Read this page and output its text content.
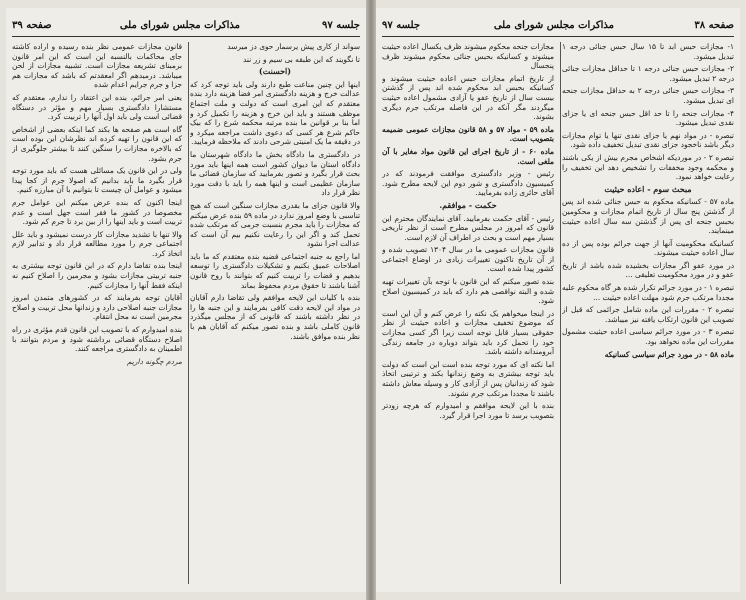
جلسه ۹۷
مذاکرات مجلس شورای ملی
صفحه ۳۹

سواند از کاری پیش یرسمار حوی دز میرسد

تا نگویند که این طبقه بی سیم و زر نند

(احسنت)

اینها این چنین مناعت طبع دارند ولی باید توجه کرد که عدالت خرج و هزینه دادگستری امر فضا هزینه دارد بنده معتقدم که این امری است که دولت و ملت اجتماع موظف هستند و باید این خرج و هزینه را تکمیل کرد و اما بنا بر قوانین ما بنده مرتبه محکمه شرع را که بیک حاکم شرع هر کسی که دعوی داشت مراجعه میکرد و در دقیقه ما یک امنیتی شرحی دادند که ملاحظه فرمایید.

در دادگستری ما دادگاه بخش ما دادگاه شهرستان ما دادگاه استان ما دیوان کشور است همه اینها باید مورد بحث قرار بگیرد و تصور بفرمایید که سازمان قضائی ما سازمان عظیمی است و اینها همه را باید با دقت مورد نظر قرار داد

والا قانون جزای ما بقدری مجازات سنگین است که هیچ تناسبی با وضع امروز ندارد در ماده ۵۹ بنده عرض میکنم که مجازات را باید مجرم بنسبت جرمی که مرتکب شده تحمل کند و اگر این را رعایت نکنیم بیم آن است که عدالت اجرا نشود

اما راجع به جنبه اجتماعی قضیه بنده معتقدم که ما باید اصلاحات عمیق بکنیم و تشکیلات دادگستری را توسعه بدهیم و قضات را تربیت کنیم که بتوانند با روح قانون آشنا باشند تا حقوق مردم محفوظ بماند

بنده با کلیات این لایحه موافقم ولی تقاضا دارم آقایان در مواد این لایحه دقت کافی بفرمایند و این جنبه ها را در نظر داشته باشند که قانونی که از مجلس میگذرد قانون کاملی باشد و بنده تصور میکنم که آقایان هم با نظر بنده موافق باشند.

قانون مجازات عمومی نظر بنده رسیده و اراده کاشته جای محاکمات بالنسبه این است که این امر قانون برمبنای تشریعه مجازات است. تشبیه مجازات از لحن میباشد. درمیدهم اگر امعقدتم که باشد که مجازات هم جزا و جرم جرایم اعدام شده

یعنی امر جرائم، بنده این اعتقاد را ندارم، معتقدم که مستشارا دادگستری بسیار مهم و مؤثر در دستگاه قضائی است ولی باید اول آنها را تربیت کرد.

گاه است هم صفحه ها بکند کما اینکه بعضی از اشخاص که این قانون را تهیه کرده اند نظرشان این بوده است که بالاخره مجازات را سنگین کنند تا بیشتر جلوگیری از جرم بشود.

ولی در این قانون یک مسائلی هست که باید مورد توجه قرار بگیرد ما باید بدانیم که اصولا جرم از کجا پیدا میشود و عوامل آن چیست تا بتوانیم با آن مبارزه کنیم.

اینجا اکنون که بنده عرض میکنم این عوامل جرم مخصوصا در کشور ما فقر است جهل است و عدم تربیت است و باید اینها را از بین برد تا جرم کم شود.

والا تنها با تشدید مجازات کار درست نمیشود و باید علل اجتماعی جرم را مورد مطالعه قرار داد و تدابیر لازم اتخاذ کرد.

اینجا بنده تقاضا دارم که در این قانون توجه بیشتری به جنبه تربیتی مجازات بشود و مجرمین را اصلاح کنیم نه اینکه فقط آنها را مجازات کنیم.

آقایان توجه بفرمایند که در کشورهای متمدن امروز مجازات جنبه اصلاحی دارد و زندانها محل تربیت و اصلاح مجرمین است نه محل انتقام.

بنده امیدوارم که با تصویب این قانون قدم مؤثری در راه اصلاح دستگاه قضائی برداشته شود و مردم بتوانند با اطمینان به دادگستری مراجعه کنند.

مردم چگونه داریم

صفحه ۳۸
مذاکرات مجلس شورای ملی
جلسه ۹۷

۱- مجازات حبس ابد تا ۱۵ سال حبس جنائی درجه ۱ تبدیل میشود.

۲- مجازات حبس جنائی درجه ۱ تا حداقل مجازات جنائی درجه ۲ تبدیل میشود.

۳- مجازات حبس جنائی درجه ۲ به حداقل مجازات جنحه ای تبدیل میشود.

۴- مجازات جنحه را تا حد اقل حبس جنحه ای یا جزای نقدی تبدیل میشود.

تبصره - در مواد نهم یا جزای نقدی تنها یا توام مجازات دیگر باشد ناخجود جزای نقدی تبدیل تخفیف داده شود.

تبصره ۲ - در موردیکه اشخاص مجرم بیش از یکی باشند و محکمه وجود مخففات را تشخیص دهد این تخفیف را رعایت خواهد نمود.

مبحث سوم - اعاده حیثیت

ماده ۵۷ - کسانیکه محکوم به حبس جنائی شده اند پس از گذشتن پنج سال از تاریخ اتمام مجازات و محکومین بحبس جنحه ای پس از گذشتن سه سال اعاده حیثیت مینمایند.

کسانیکه محکومیت آنها از جهت جرائم بوده پس از ده سال اعاده حیثیت میشوند.

در مورد عفو اگر مجازات بخشیده شده باشد از تاریخ عفو و در مورد محکومیت تعلیقی ...

تبصره ۱ - در مورد جرائم تکرار شده هر گاه محکوم علیه مجددا مرتکب جرم شود مهلت اعاده حیثیت ...

تبصره ۲ - مقررات این ماده شامل جرائمی که قبل از تصویب این قانون ارتکاب یافته نیز میباشد.

تبصره ۳ - در مورد جرائم سیاسی اعاده حیثیت مشمول مقررات این ماده نخواهد بود.

ماده ۵۸ - در مورد جرائم سیاسی کسانیکه

مجازات جنحه محکوم میشوند ظرف یکسال اعاده حیثیت میشوند و کسانیکه بحبس جنائی محکوم میشوند ظرف پنجسال

از تاریخ اتمام مجازات حبس اعاده حیثیت میشوند و کسانیکه بحبس ابد محکوم شده اند پس از گذشتن بیست سال از تاریخ عفو یا آزادی مشمول اعاده حیثیت میگردند مگر آنکه در این فاصله مرتکب جرم دیگری بشوند.

ماده ۵۹ - مواد ۵۷ و ۵۸ قانون مجازات عمومی ضمیمه بتصویب است.

ماده ۶۰ - از تاریخ اجرای این قانون مواد مغایر با آن ملغی است.

رئیس - وزیر دادگستری موافقت فرمودند که در کمیسیون دادگستری و شور دوم این لایحه مطرح شود. آقای حائری زاده بفرمایید.

حکمت - موافقم.

رئیس - آقای حکمت بفرمایید. آقای نمایندگان محترم این قانون که امروز در مجلس مطرح است از نظر تاریخی بسیار مهم است و بحث در اطراف آن لازم است.

قانون مجازات عمومی ما در سال ۱۳۰۴ تصویب شده و از آن تاریخ تاکنون تغییرات زیادی در اوضاع اجتماعی کشور پیدا شده است.

بنده تصور میکنم که این قانون با توجه بآن تغییرات تهیه شده و البته نواقصی هم دارد که باید در کمیسیون اصلاح شود.

در اینجا میخواهم یک نکته را عرض کنم و آن این است که موضوع تخفیف مجازات و اعاده حیثیت از نظر حقوقی بسیار قابل توجه است زیرا اگر کسی مجازات خود را تحمل کرد باید بتواند دوباره در جامعه زندگی آبرومندانه داشته باشد.

اما نکته ای که مورد توجه بنده است این است که دولت باید توجه بیشتری به وضع زندانها بکند و ترتیبی اتخاذ شود که زندانیان پس از آزادی کار و وسیله معاش داشته باشند تا مجددا مرتکب جرم نشوند.

بنده با این لایحه موافقم و امیدوارم که هرچه زودتر بتصویب برسد تا مورد اجرا قرار گیرد.
